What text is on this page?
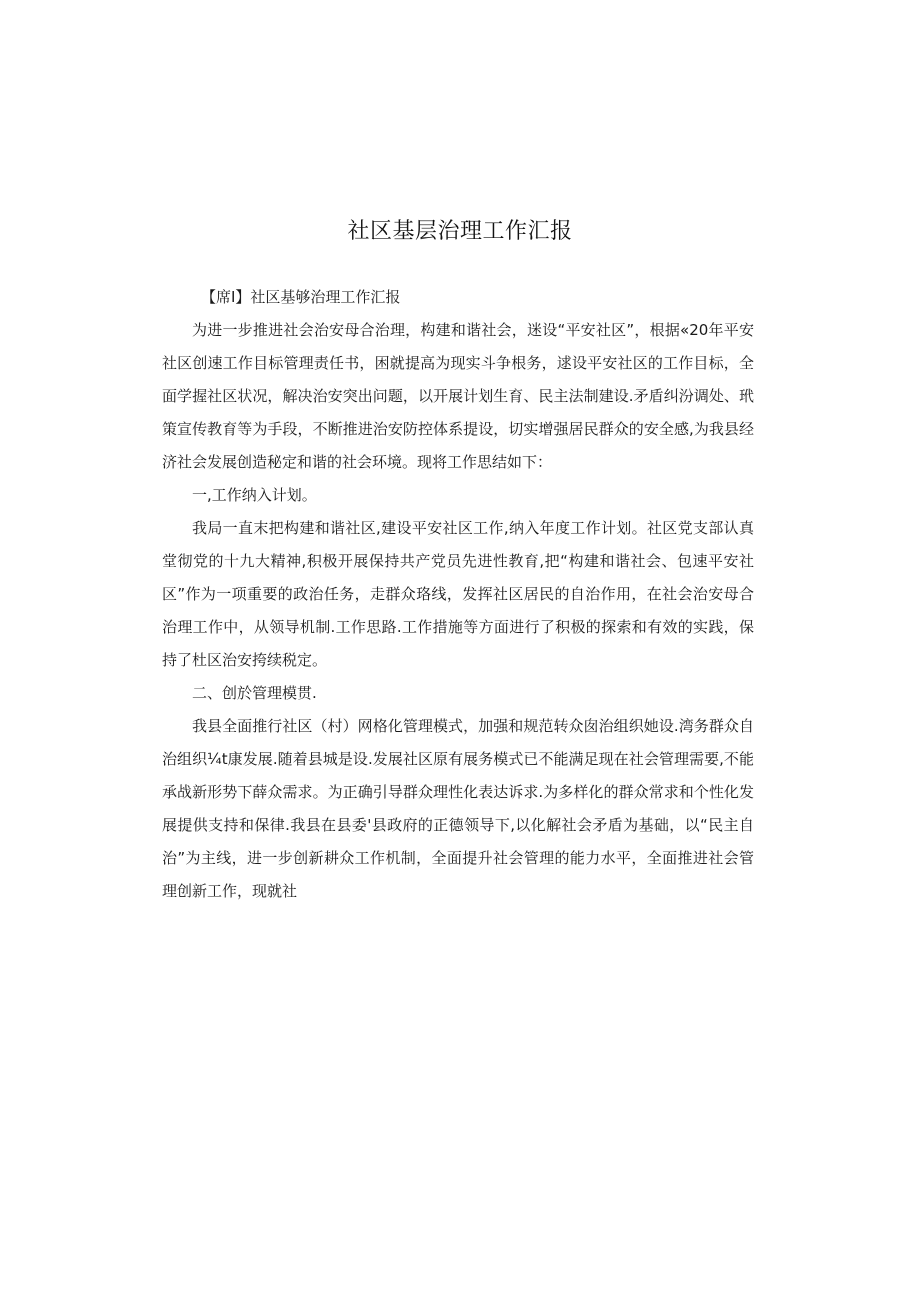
社区基层治理工作汇报

【席I】社区基够治理工作汇报

为进一步推进社会治安母合治理，构建和谐社会，迷设“平安社区”，根据«20年平安社区创速工作目标管理责任书，困就提高为现实斗争根务，逑设平安社区的工作目标，全面学握社区状况，解决治安突出问题，以开展计划生育、民主法制建设.矛盾纠汾调处、玳策宣传教育等为手段，不断推进治安防控体系提设，切实增强居民群众的安全感,为我县经济社会发展创造秘定和谐的社会环境。现将工作思结如下：

一,工作纳入计划。

我局一直末把构建和谐社区,建设平安社区工作,纳入年度工作计划。社区党支部认真堂彻党的十九大精神,积极开展保持共产党员先进性教育,把“构建和谐社会、包速平安社区”作为一项重要的政治任务，走群众珞线，发挥社区居民的自治作用，在社会治安母合治理工作中，从领导机制.工作思路.工作措施等方面进行了积极的探索和有效的实践，保持了杜区治安挎续税定。

二、创於管理模贯.

我县全面推行社区（村）网格化管理模式，加强和规范转众囱治组织她设.湾务群众自治组织¼t康发展.随着县城是设.发展社区原有展务模式已不能满足现在社会管理需要,不能承战新形势下薛众需求。为正确引导群众理性化表达诉求.为多样化的群众常求和个性化发展提供支持和保律.我县在县委'县政府的正德领导下,以化解社会矛盾为基础，以“民主自治”为主线，进一步创新耕众工作机制，全面提升社会管理的能力水平，全面推进社会管理创新工作，现就社
